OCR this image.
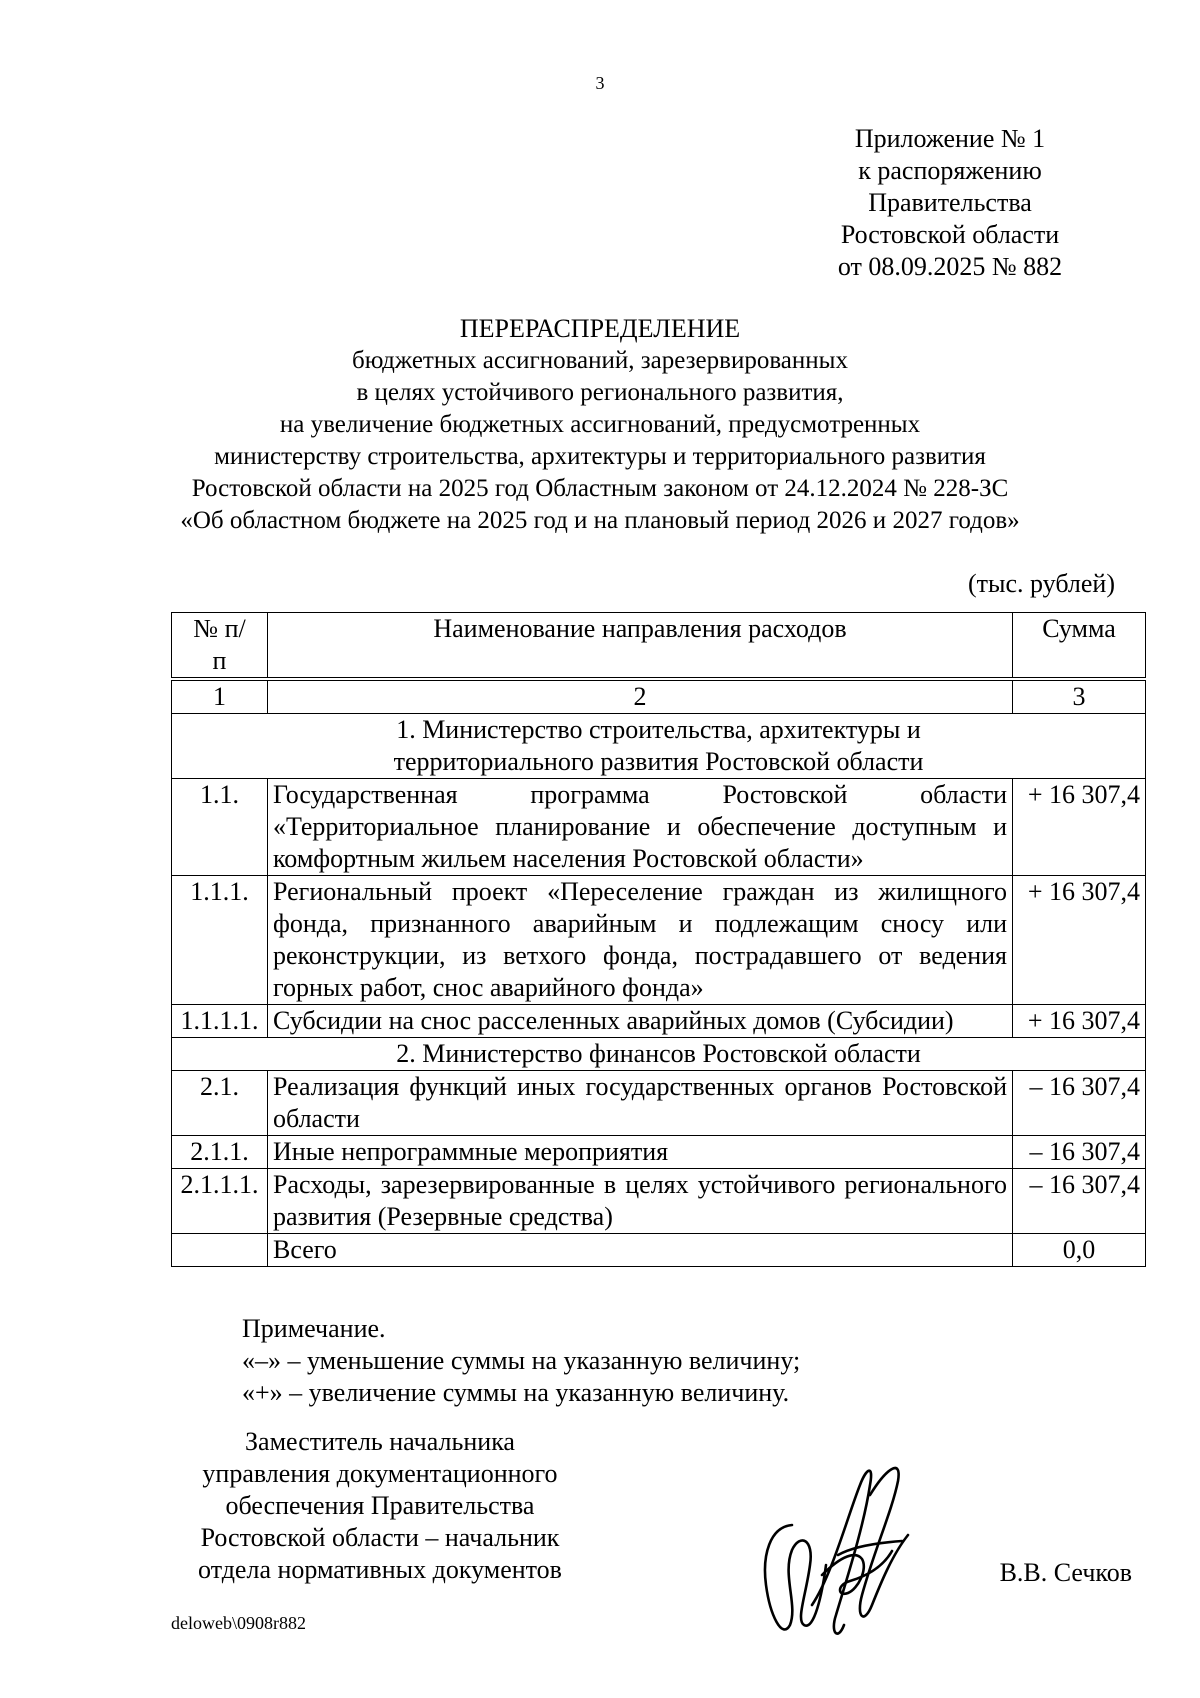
3
Приложение № 1
к распоряжению
Правительства
Ростовской области
от 08.09.2025 № 882
ПЕРЕРАСПРЕДЕЛЕНИЕ
бюджетных ассигнований, зарезервированных
в целях устойчивого регионального развития,
на увеличение бюджетных ассигнований, предусмотренных
министерству строительства, архитектуры и территориального развития
Ростовской области на 2025 год Областным законом от 24.12.2024 № 228-ЗС
«Об областном бюджете на 2025 год и на плановый период 2026 и 2027 годов»
(тыс. рублей)
№ п/п	Наименование направления расходов	Сумма
1	2	3
1. Министерство строительства, архитектуры и территориального развития Ростовской области		
1.1.	Государственная программа Ростовской области «Территориальное планирование и обеспечение доступным и комфортным жильем населения Ростовской области»	+ 16 307,4
1.1.1.	Региональный проект «Переселение граждан из жилищного фонда, признанного аварийным и подлежащим сносу или реконструкции, из ветхого фонда, пострадавшего от ведения горных работ, снос аварийного фонда»	+ 16 307,4
1.1.1.1.	Субсидии на снос расселенных аварийных домов (Субсидии)	+ 16 307,4
2. Министерство финансов Ростовской области		
2.1.	Реализация функций иных государственных органов Ростовской области	– 16 307,4
2.1.1.	Иные непрограммные мероприятия	– 16 307,4
2.1.1.1.	Расходы, зарезервированные в целях устойчивого регионального развития (Резервные средства)	– 16 307,4
	Всего	0,0
Примечание.
«–» – уменьшение суммы на указанную величину;
«+» – увеличение суммы на указанную величину.
Заместитель начальника
управления документационного
обеспечения Правительства
Ростовской области – начальник
отдела нормативных документов	В.В. Сечков
deloweb\0908r882
